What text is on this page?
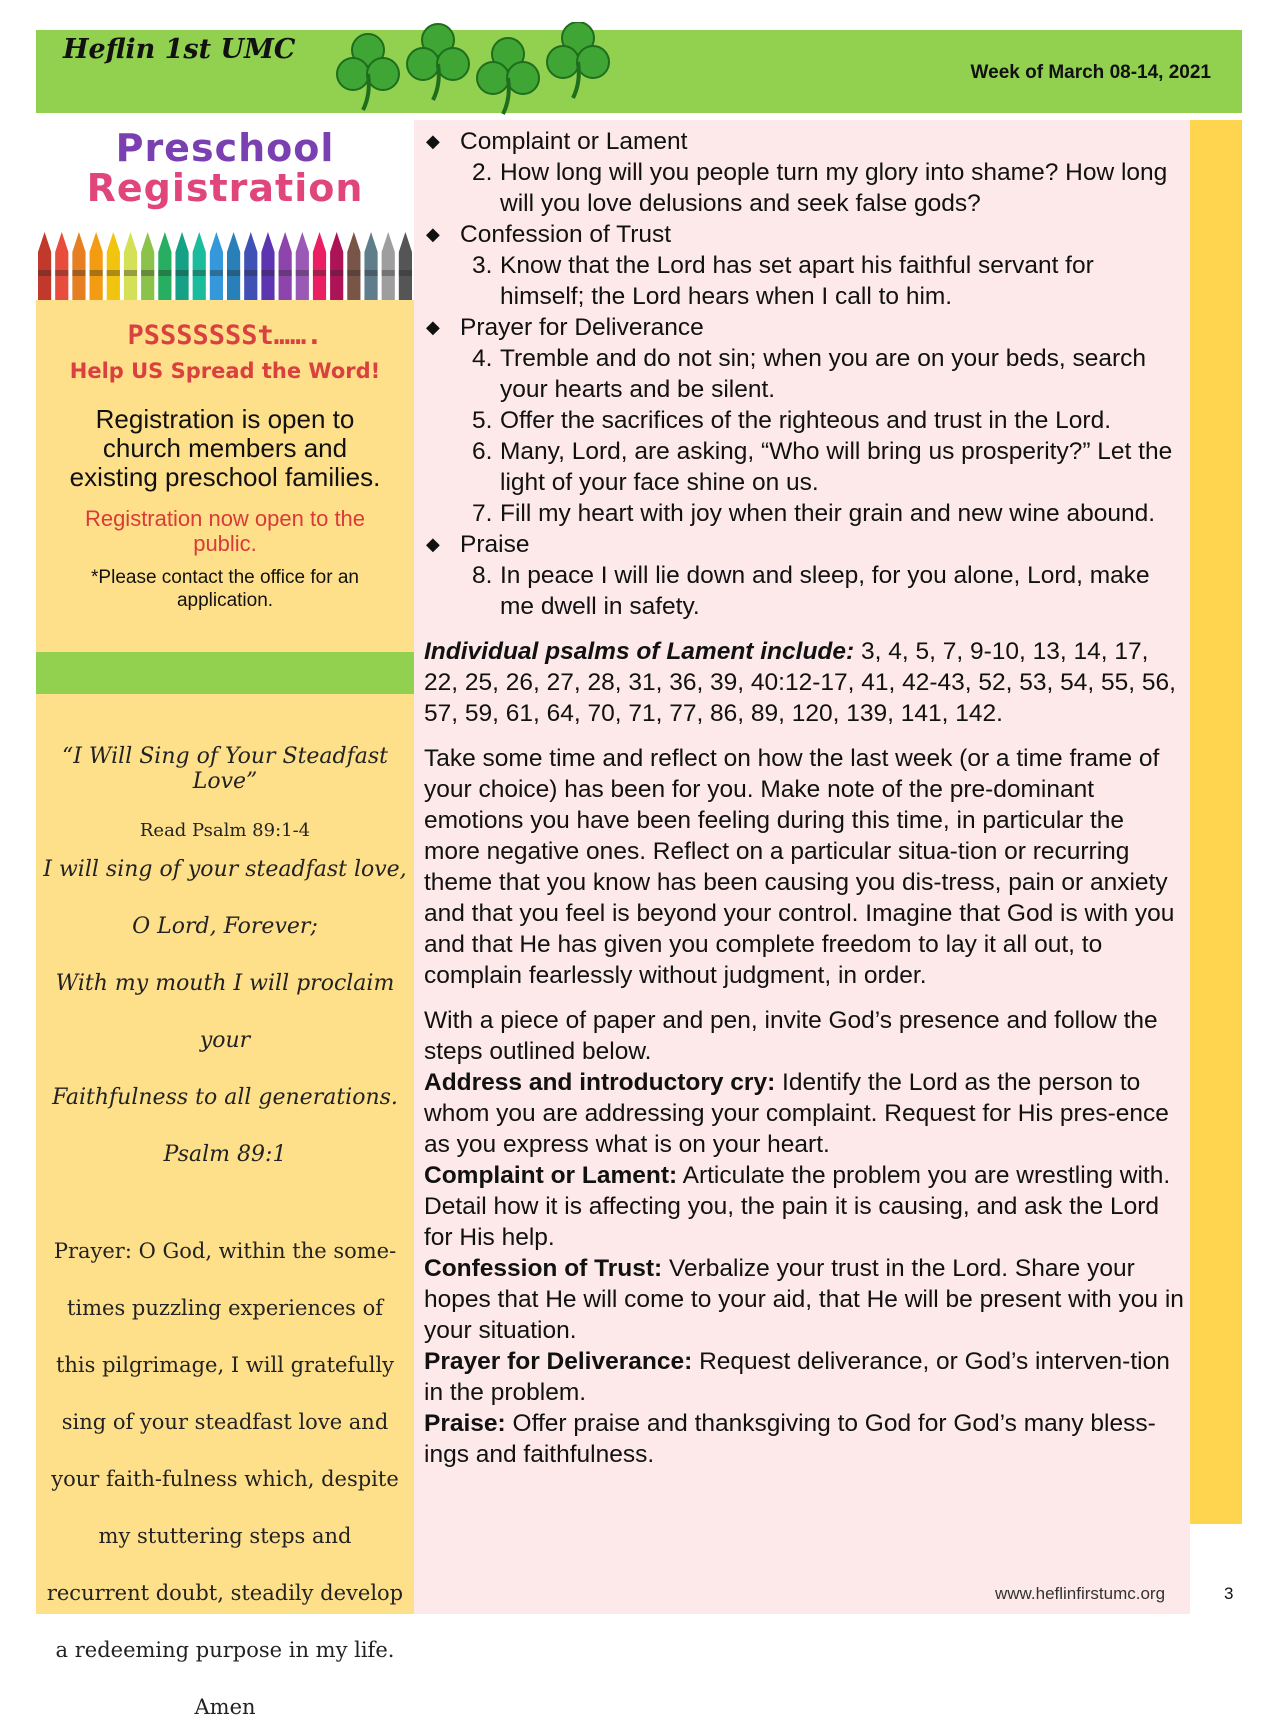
Heflin 1st UMC
Week of March 08-14, 2021
Preschool
Registration

PSSSSSSSt…….

Help US Spread the Word!

Registration is open to church members and existing preschool families.

Registration now open to the public.

*Please contact the office for an application.

“I Will Sing of Your Steadfast Love”

Read Psalm 89:1-4

I will sing of your steadfast love,

O Lord, Forever;

With my mouth I will proclaim your

Faithfulness to all generations.

Psalm 89:1

Prayer: O God, within the some-times puzzling experiences of this pilgrimage, I will gratefully sing of your steadfast love and your faith-fulness which, despite my stuttering steps and recurrent doubt, steadily develop a redeeming purpose in my life. Amen

◆ Complaint or Lament

2. How long will you people turn my glory into shame? How long will you love delusions and seek false gods?

◆ Confession of Trust

3. Know that the Lord has set apart his faithful servant for himself; the Lord hears when I call to him.

◆ Prayer for Deliverance

4. Tremble and do not sin; when you are on your beds, search your hearts and be silent.

5. Offer the sacrifices of the righteous and trust in the Lord.

6. Many, Lord, are asking, “Who will bring us prosperity?” Let the light of your face shine on us.

7. Fill my heart with joy when their grain and new wine abound.

◆ Praise

8. In peace I will lie down and sleep, for you alone, Lord, make me dwell in safety.

Individual psalms of Lament include: 3, 4, 5, 7, 9-10, 13, 14, 17, 22, 25, 26, 27, 28, 31, 36, 39, 40:12-17, 41, 42-43, 52, 53, 54, 55, 56, 57, 59, 61, 64, 70, 71, 77, 86, 89, 120, 139, 141, 142.

Take some time and reflect on how the last week (or a time frame of your choice) has been for you. Make note of the pre-dominant emotions you have been feeling during this time, in particular the more negative ones. Reflect on a particular situa-tion or recurring theme that you know has been causing you dis-tress, pain or anxiety and that you feel is beyond your control. Imagine that God is with you and that He has given you complete freedom to lay it all out, to complain fearlessly without judgment, in order.

With a piece of paper and pen, invite God’s presence and follow the steps outlined below.

Address and introductory cry: Identify the Lord as the person to whom you are addressing your complaint. Request for His pres-ence as you express what is on your heart.

Complaint or Lament: Articulate the problem you are wrestling with. Detail how it is affecting you, the pain it is causing, and ask the Lord for His help.

Confession of Trust: Verbalize your trust in the Lord. Share your hopes that He will come to your aid, that He will be present with you in your situation.

Prayer for Deliverance: Request deliverance, or God’s interven-tion in the problem.

Praise: Offer praise and thanksgiving to God for God’s many bless-ings and faithfulness.

www.heflinfirstumc.org	3
